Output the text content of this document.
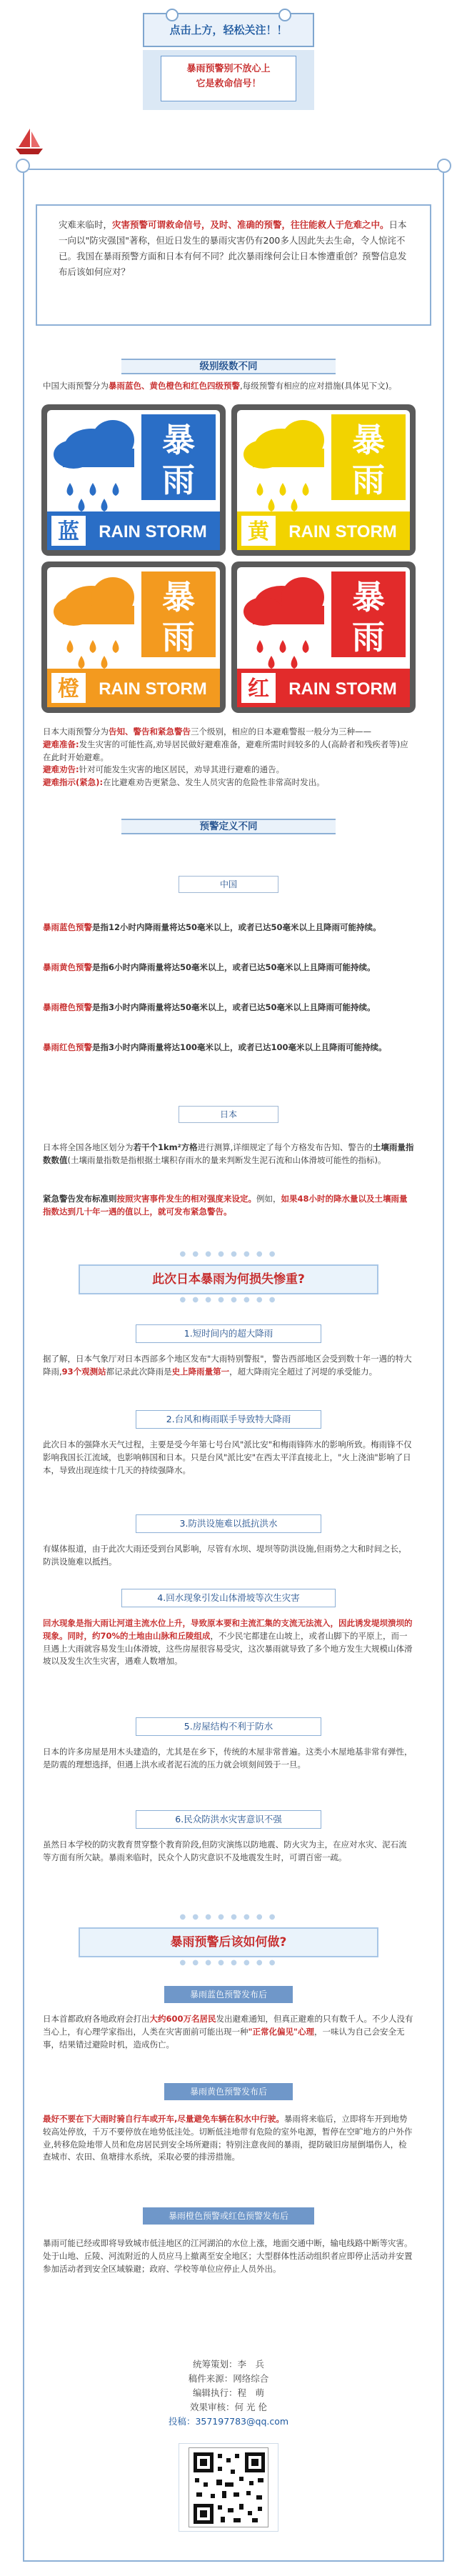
点击上方，轻松关注！！
暴雨预警别不放心上
它是救命信号！
灾难来临时，灾害预警可谓救命信号，及时、准确的预警，往往能救人于危难之中。日本一向以"防灾强国"著称，但近日发生的暴雨灾害仍有200多人因此失去生命，令人惊诧不已。我国在暴雨预警方面和日本有何不同？此次暴雨缘何会让日本惨遭重创？预警信息发布后该如何应对？
级别级数不同
中国大雨预警分为暴雨蓝色、黄色橙色和红色四级预警,每级预警有相应的应对措施(具体见下文)。
暴
雨
蓝 RAIN STORM
暴
雨
黄 RAIN STORM
暴
雨
橙 RAIN STORM
暴
雨
红 RAIN STORM
日本大雨预警分为告知、警告和紧急警告三个级别，相应的日本避难警报一般分为三种——
避难准备:发生灾害的可能性高,劝导居民做好避难准备，避难所需时间较多的人(高龄者和残疾者等)应在此时开始避难。
避难劝告:针对可能发生灾害的地区居民，劝导其进行避难的通告。
避难指示(紧急):在比避难劝告更紧急、发生人员灾害的危险性非常高时发出。
预警定义不同
中国
暴雨蓝色预警是指12小时内降雨量将达50毫米以上，或者已达50毫米以上且降雨可能持续。
暴雨黄色预警是指6小时内降雨量将达50毫米以上，或者已达50毫米以上且降雨可能持续。
暴雨橙色预警是指3小时内降雨量将达50毫米以上，或者已达50毫米以上且降雨可能持续。
暴雨红色预警是指3小时内降雨量将达100毫米以上，或者已达100毫米以上且降雨可能持续。
日本
日本将全国各地区划分为若干个1km²方格进行测算,详细规定了每个方格发布告知、警告的土壤雨量指数数值(土壤雨量指数是指根据土壤积存雨水的量来判断发生泥石流和山体滑坡可能性的指标)。
紧急警告发布标准则按照灾害事件发生的相对强度来设定。例如，如果48小时的降水量以及土壤雨量指数达到几十年一遇的值以上，就可发布紧急警告。
● ● ● ● ● ● ● ●
此次日本暴雨为何损失惨重?
● ● ● ● ● ● ● ●
1.短时间内的超大降雨
据了解，日本气象厅对日本西部多个地区发布"大雨特别警报"，警告西部地区会受到数十年一遇的特大降雨,93个观测站都记录此次降雨是史上降雨量第一，超大降雨完全超过了河堤的承受能力。
2.台风和梅雨联手导致特大降雨
此次日本的强降水天气过程，主要是受今年第七号台风"派比安"和梅雨锋阵水的影响所致。梅雨锋不仅影响我国长江流域，也影响韩国和日本。只是台风"派比安"在西太平洋直接北上，"火上浇油"影响了日本，导致出现连续十几天的持续强降水。
3.防洪设施难以抵抗洪水
有媒体报道，由于此次大雨还受到台风影响，尽管有水坝、堤坝等防洪设施,但雨势之大和时间之长，防洪设施难以抵挡。
4.回水现象引发山体滑坡等次生灾害
回水现象是指大雨让河道主流水位上升，导致原本要和主流汇集的支流无法流入，因此诱发堤坝溃坝的现象。同时，约70%的土地由山脉和丘陵组成，不少民宅都建在山坡上，或者山脚下的平原上，而一旦遇上大雨就容易发生山体滑坡，这些房屋很容易受灾，这次暴雨就导致了多个地方发生大规模山体滑坡以及发生次生灾害，遇难人数增加。
5.房屋结构不利于防水
日本的许多房屋是用木头建造的，尤其是在乡下，传统的木屋非常普遍。这类小木屋地基非常有弹性，是防震的理想选择，但遇上洪水或者泥石流的压力就会顷刻间毁于一旦。
6.民众防洪水灾害意识不强
虽然日本学校的防灾教育贯穿整个教育阶段,但防灾演练以防地震、防火灾为主，在应对水灾、泥石流等方面有所欠缺。暴雨来临时，民众个人防灾意识不及地震发生时，可谓百密一疏。
● ● ● ● ● ● ● ●
暴雨预警后该如何做?
● ● ● ● ● ● ● ●
暴雨蓝色预警发布后
日本首都政府各地政府会打出大约600万名居民发出避难通知，但真正避难的只有数千人。不少人没有当心上，有心理学家指出，人类在灾害面前可能出现一种"正常化偏见"心理，一味认为自己会安全无事，结果错过避险时机，造成伤亡。
暴雨黄色预警发布后
最好不要在下大雨时骑自行车或开车,尽量避免车辆在积水中行驶。暴雨将来临后，立即将车开到地势较高处停放，千万不要停放在地势低洼处。切断低洼地带有危险的室外电源，暂停在空旷地方的户外作业,转移危险地带人员和危房居民到安全场所避雨；特别注意夜间的暴雨，提防破旧房屋倒塌伤人，检查城市、农田、鱼塘排水系统，采取必要的排涝措施。
暴雨橙色预警或红色预警发布后
暴雨可能已经或即将导致城市低洼地区的江河湖泊的水位上涨，地面交通中断，输电线路中断等灾害。处于山地、丘陵、河流附近的人员应马上撤离至安全地区；大型群体性活动组织者应即停止活动并安置参加活动者到安全区域躲避；政府、学校等单位应停止人员外出。
统筹策划：李　兵
稿件来源：网络综合
编辑执行：程　萌
效果审核：何 光 伦
投稿：357197783@qq.com
